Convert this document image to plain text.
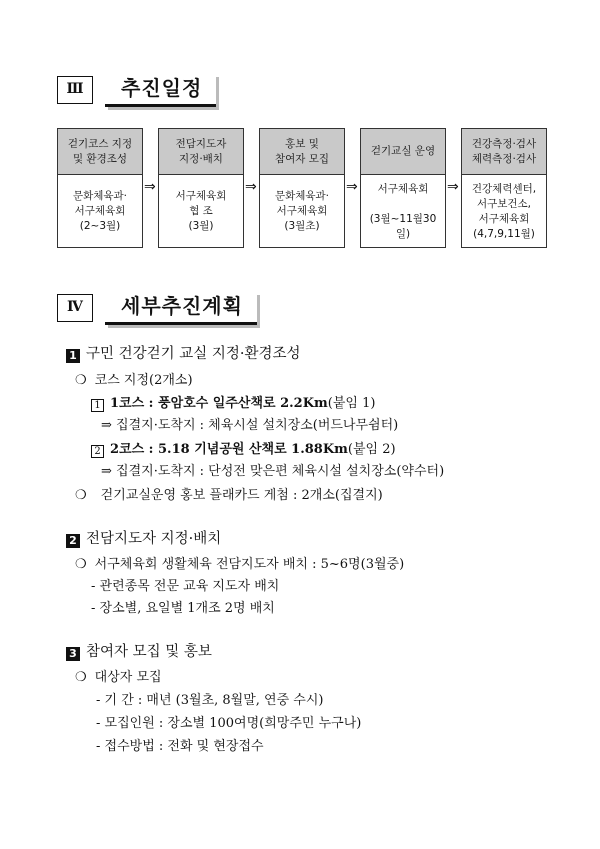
Ⅲ	추진일정
걷기코스 지정
및 환경조성
문화체육과·
서구체육회
(2~3월)
⇒
전담지도자
지정·배치
서구체육회
협 조
(3월)
⇒
홍보 및
참여자 모집
문화체육과·
서구체육회
(3월초)
⇒
걷기교실 운영
서구체육회
(3월~11월30일)
⇒
건강측정·검사
체력측정·검사
건강체력센터,
서구보건소,
서구체육회
(4,7,9,11월)
Ⅳ	세부추진계획
1 구민 건강걷기 교실 지정·환경조성
❍ 코스 지정(2개소)
1 1코스 : 풍암호수 일주산책로 2.2Km(붙임 1)
⇒ 집결지·도착지 : 체육시설 설치장소(버드나무쉼터)
2 2코스 : 5.18 기념공원 산책로 1.88Km(붙임 2)
⇒ 집결지·도착지 : 단성전 맞은편 체육시설 설치장소(약수터)
❍ 걷기교실운영 홍보 플래카드 게첨 : 2개소(집결지)
2 전담지도자 지정·배치
❍ 서구체육회 생활체육 전담지도자 배치 : 5~6명(3월중)
- 관련종목 전문 교육 지도자 배치
- 장소별, 요일별 1개조 2명 배치
3 참여자 모집 및 홍보
❍ 대상자 모집
- 기 간 : 매년 (3월초, 8월말, 연중 수시)
- 모집인원 : 장소별 100여명(희망주민 누구나)
- 접수방법 : 전화 및 현장접수
